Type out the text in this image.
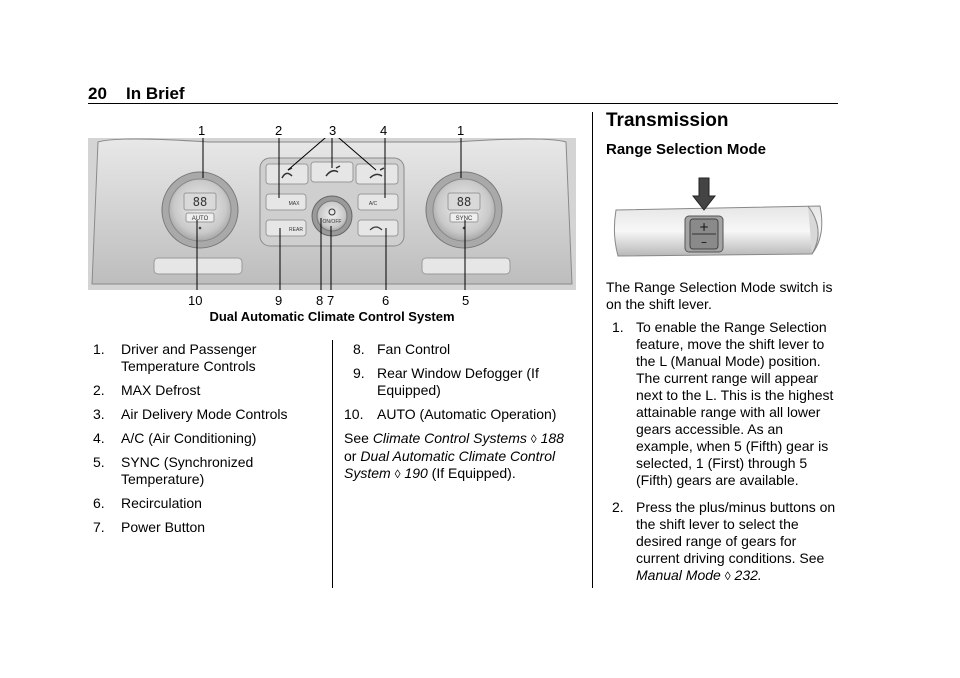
20 In Brief
1	2	3	4	1
10	9	8 7	6	5
88
AUTO
88
SYNC
MAX
REAR
A/C
ON/OFF
Dual Automatic Climate Control System
1.	Driver and Passenger Temperature Controls
2.	MAX Defrost
3.	Air Delivery Mode Controls
4.	A/C (Air Conditioning)
5.	SYNC (Synchronized Temperature)
6.	Recirculation
7.	Power Button
8. Fan Control
9. Rear Window Defogger (If Equipped)
10. AUTO (Automatic Operation)
See Climate Control Systems ◊ 188
or Dual Automatic Climate Control System ◊ 190 (If Equipped).
Transmission
Range Selection Mode
+
–
The Range Selection Mode switch is on the shift lever.
1. To enable the Range Selection feature, move the shift lever to the L (Manual Mode) position. The current range will appear next to the L. This is the highest attainable range with all lower gears accessible. As an example, when 5 (Fifth) gear is selected, 1 (First) through 5 (Fifth) gears are available.
2. Press the plus/minus buttons on the shift lever to select the desired range of gears for current driving conditions. See Manual Mode ◊ 232.
